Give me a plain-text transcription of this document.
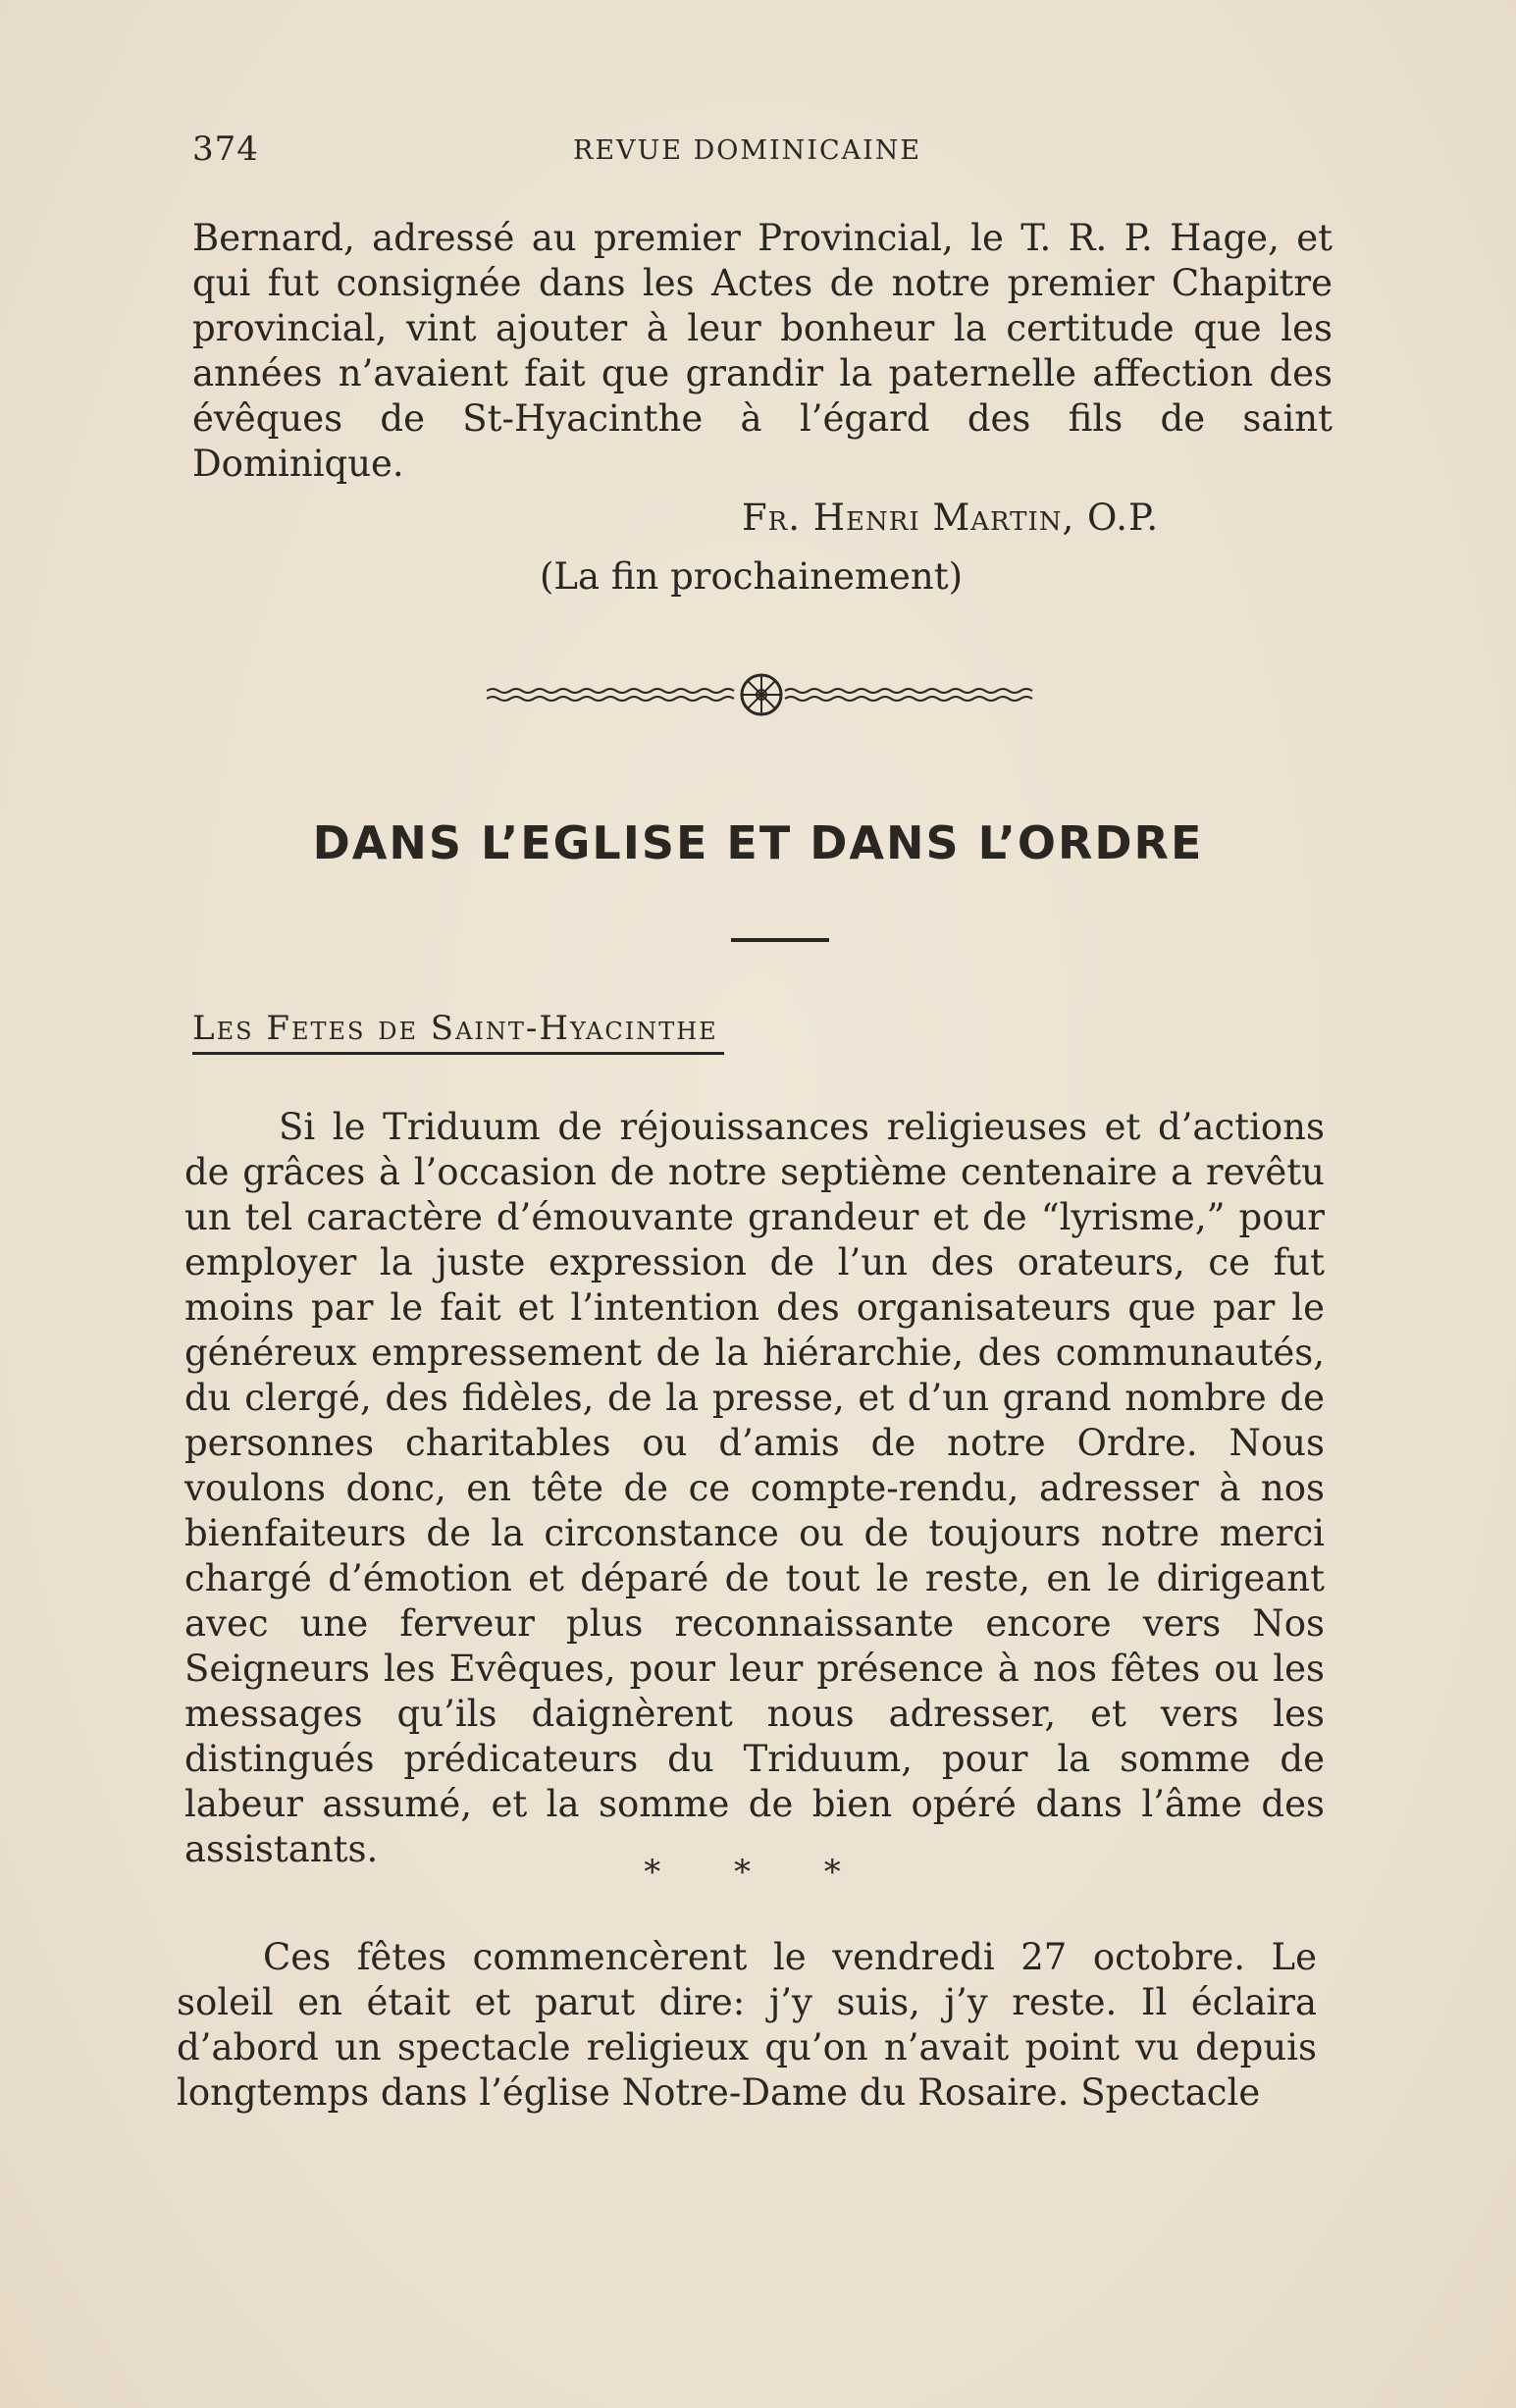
374	REVUE DOMINICAINE

Bernard, adressé au premier Provincial, le T. R. P. Hage, et qui fut consignée dans les Actes de notre premier Chapitre provincial, vint ajouter à leur bonheur la certitude que les années n’avaient fait que grandir la paternelle affection des évêques de St-Hyacinthe à l’égard des fils de saint Dominique.

Fr. Henri Martin, O.P.
(La fin prochainement)
DANS L’EGLISE ET DANS L’ORDRE
Les Fetes de Saint-Hyacinthe

Si le Triduum de réjouissances religieuses et d’actions de grâces à l’occasion de notre septième centenaire a revêtu un tel caractère d’émouvante grandeur et de “lyrisme,” pour employer la juste expression de l’un des orateurs, ce fut moins par le fait et l’intention des organisateurs que par le généreux empressement de la hiérarchie, des communautés, du clergé, des fidèles, de la presse, et d’un grand nombre de personnes charitables ou d’amis de notre Ordre. Nous voulons donc, en tête de ce compte-rendu, adresser à nos bienfaiteurs de la circonstance ou de toujours notre merci chargé d’émotion et déparé de tout le reste, en le dirigeant avec une ferveur plus reconnaissante encore vers Nos Seigneurs les Evêques, pour leur présence à nos fêtes ou les messages qu’ils daignèrent nous adresser, et vers les distingués prédicateurs du Triduum, pour la somme de labeur assumé, et la somme de bien opéré dans l’âme des assistants.

* * *

Ces fêtes commencèrent le vendredi 27 octobre. Le soleil en était et parut dire: j’y suis, j’y reste. Il éclaira d’abord un spectacle religieux qu’on n’avait point vu depuis longtemps dans l’église Notre-Dame du Rosaire. Spectacle
